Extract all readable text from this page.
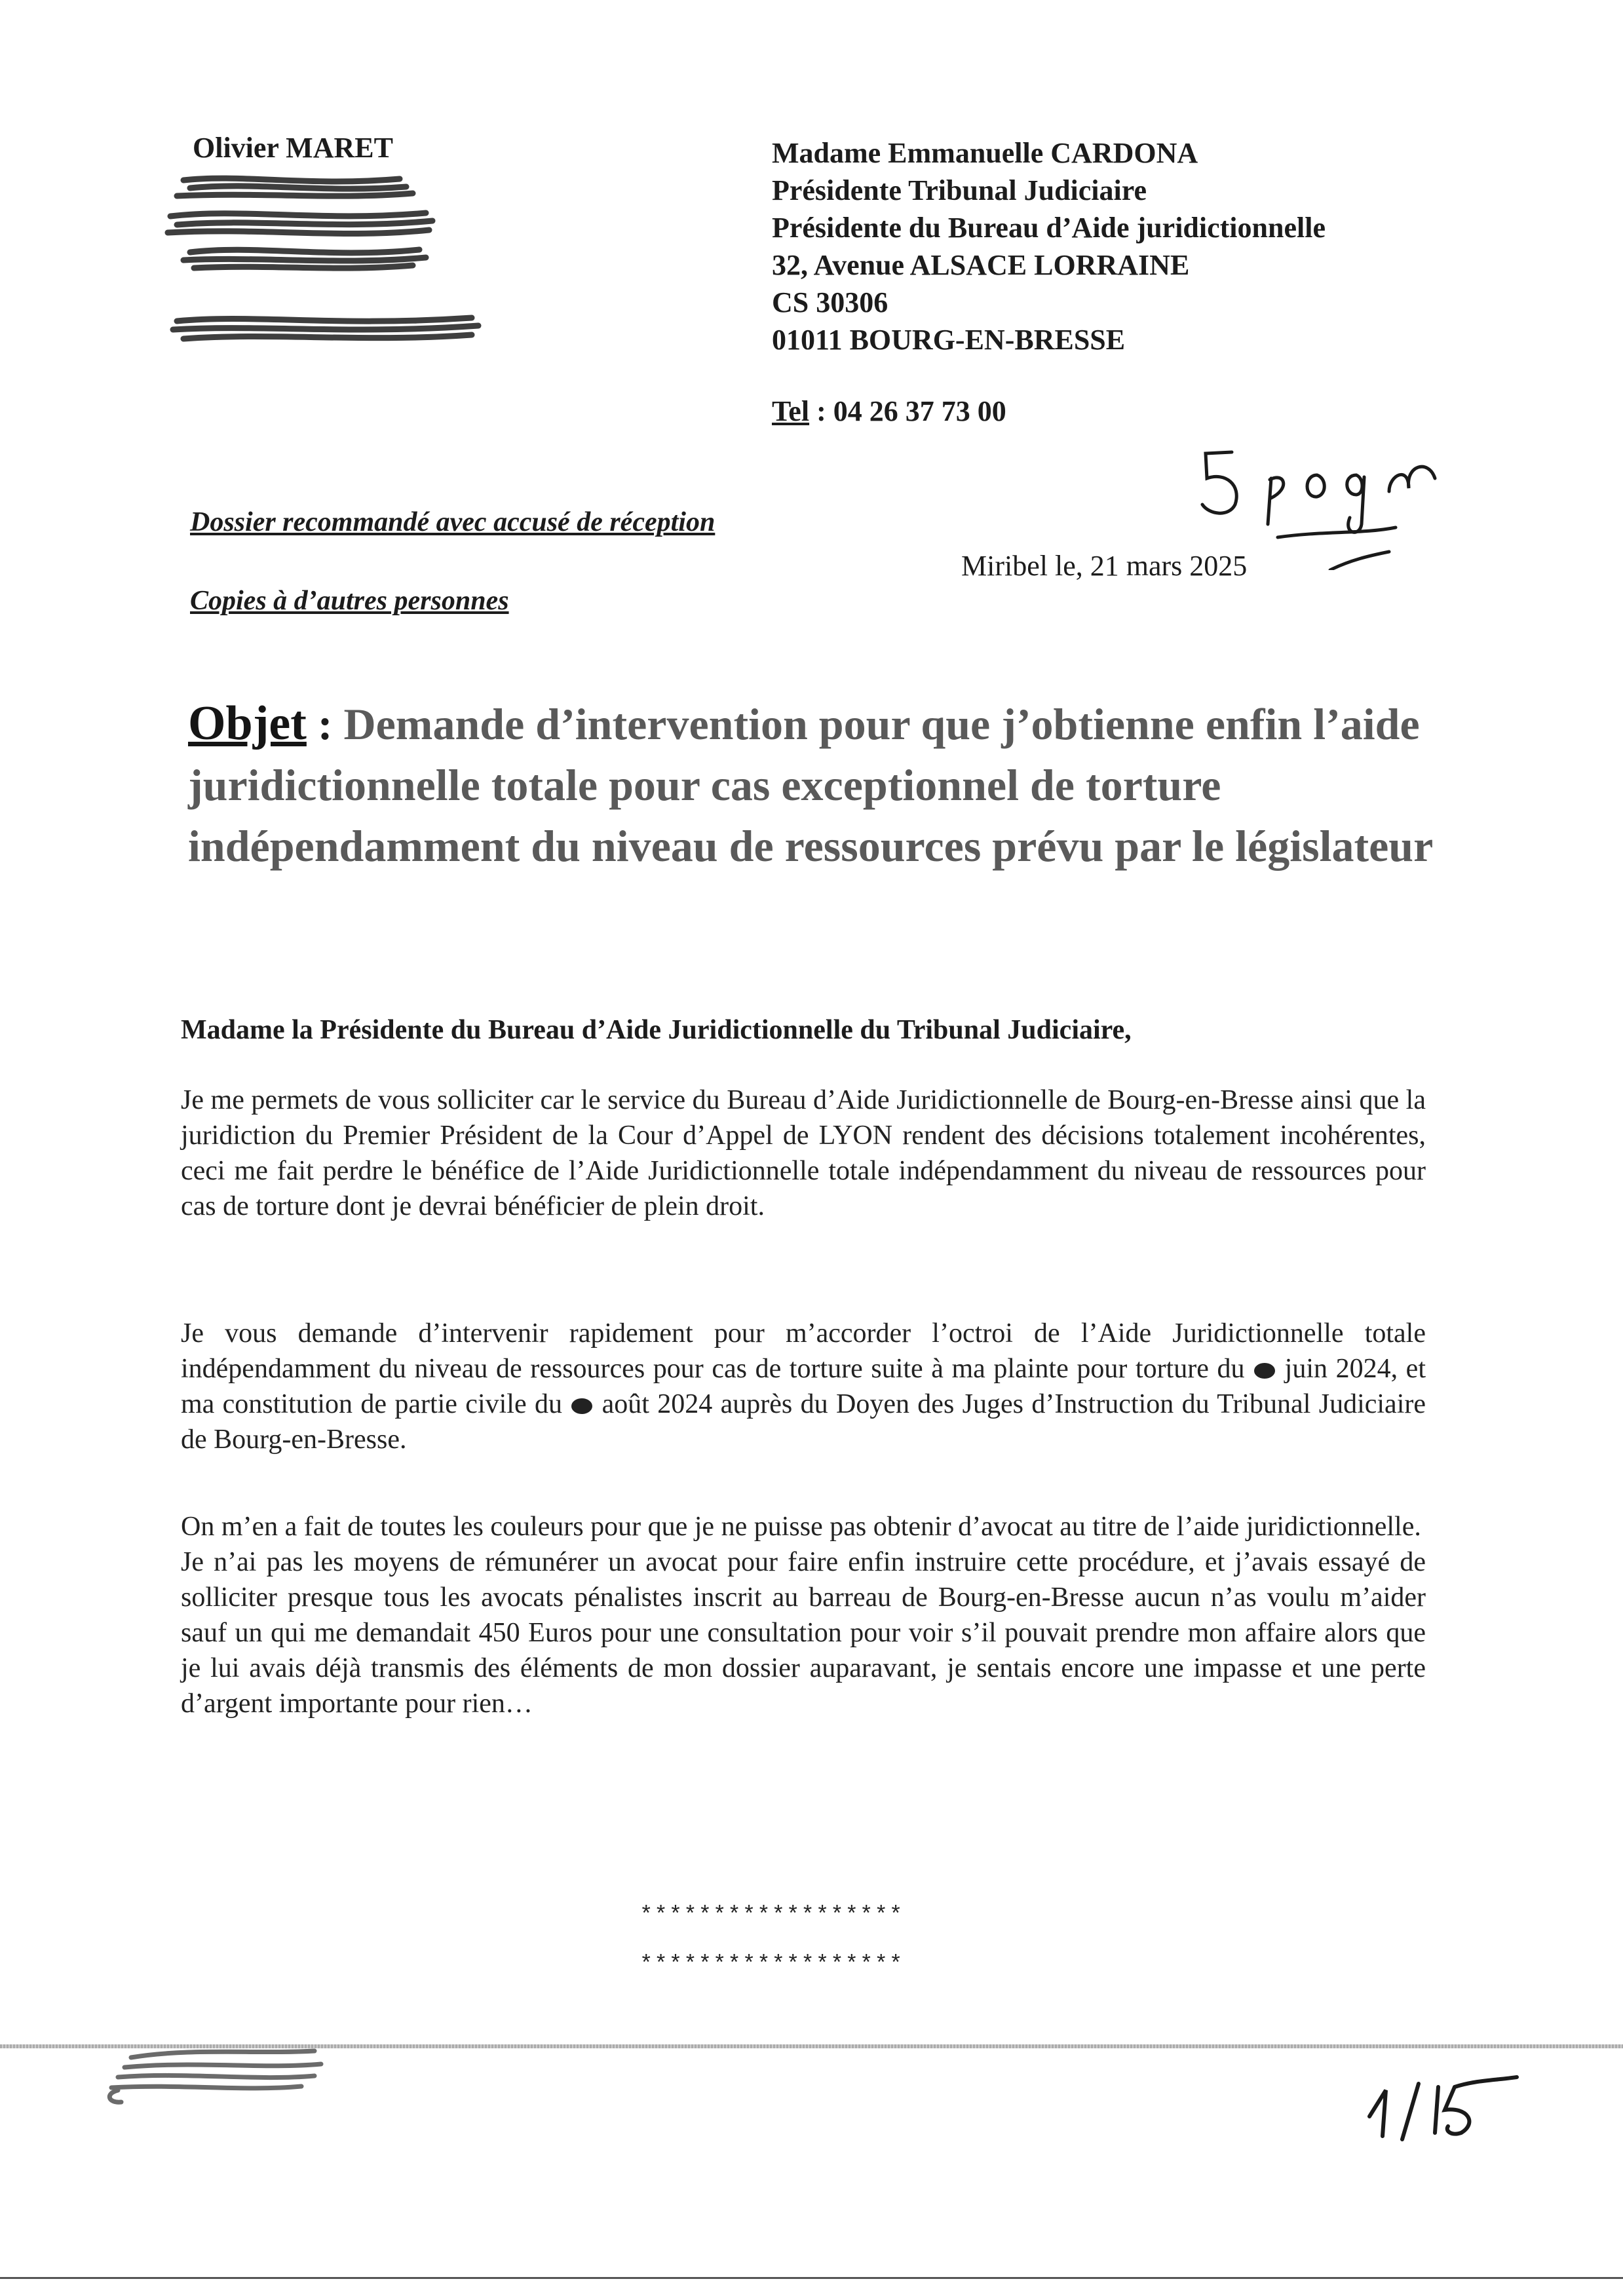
Olivier MARET	Madame Emmanuelle CARDONA
Présidente Tribunal Judiciaire
Présidente du Bureau d’Aide juridictionnelle
32, Avenue ALSACE LORRAINE
CS 30306
01011 BOURG-EN-BRESSE
Tel : 04 26 37 73 00
Dossier recommandé avec accusé de réception
Miribel le, 21 mars 2025
Copies à d’autres personnes
Objet : Demande d’intervention pour que j’obtienne enfin l’aide juridictionnelle totale pour cas exceptionnel de torture indépendamment du niveau de ressources prévu par le législateur
Madame la Présidente du Bureau d’Aide Juridictionnelle du Tribunal Judiciaire,
Je me permets de vous solliciter car le service du Bureau d’Aide Juridictionnelle de Bourg-en-Bresse ainsi que la juridiction du Premier Président de la Cour d’Appel de LYON rendent des décisions totalement incohérentes, ceci me fait perdre le bénéfice de l’Aide Juridictionnelle totale indépendamment du niveau de ressources pour cas de torture dont je devrai bénéficier de plein droit.
Je vous demande d’intervenir rapidement pour m’accorder l’octroi de l’Aide Juridictionnelle totale indépendamment du niveau de ressources pour cas de torture suite à ma plainte pour torture du  juin 2024, et ma constitution de partie civile du  août 2024 auprès du Doyen des Juges d’Instruction du Tribunal Judiciaire de Bourg-en-Bresse.
On m’en a fait de toutes les couleurs pour que je ne puisse pas obtenir d’avocat au titre de l’aide juridictionnelle.
Je n’ai pas les moyens de rémunérer un avocat pour faire enfin instruire cette procédure, et j’avais essayé de solliciter presque tous les avocats pénalistes inscrit au barreau de Bourg-en-Bresse aucun n’as voulu m’aider sauf un qui me demandait 450 Euros pour une consultation pour voir s’il pouvait prendre mon affaire alors que je lui avais déjà transmis des éléments de mon dossier auparavant, je sentais encore une impasse et une perte d’argent importante pour rien…
******************
******************
